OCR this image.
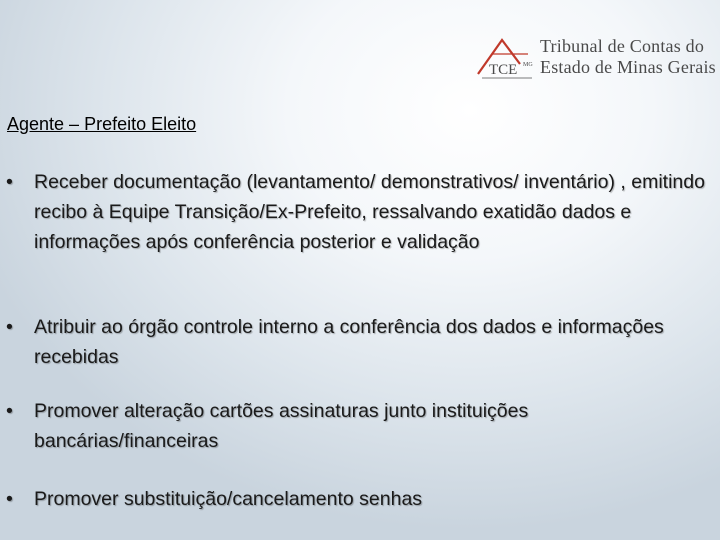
TCE MG
Tribunal de Contas do
Estado de Minas Gerais
Agente – Prefeito Eleito
• Receber documentação (levantamento/ demonstrativos/ inventário) , emitindo recibo à Equipe Transição/Ex-Prefeito, ressalvando exatidão dados e informações após conferência posterior e validação
• Atribuir ao órgão controle interno a conferência dos dados e informações recebidas
• Promover alteração cartões assinaturas junto instituições bancárias/financeiras
• Promover substituição/cancelamento senhas
